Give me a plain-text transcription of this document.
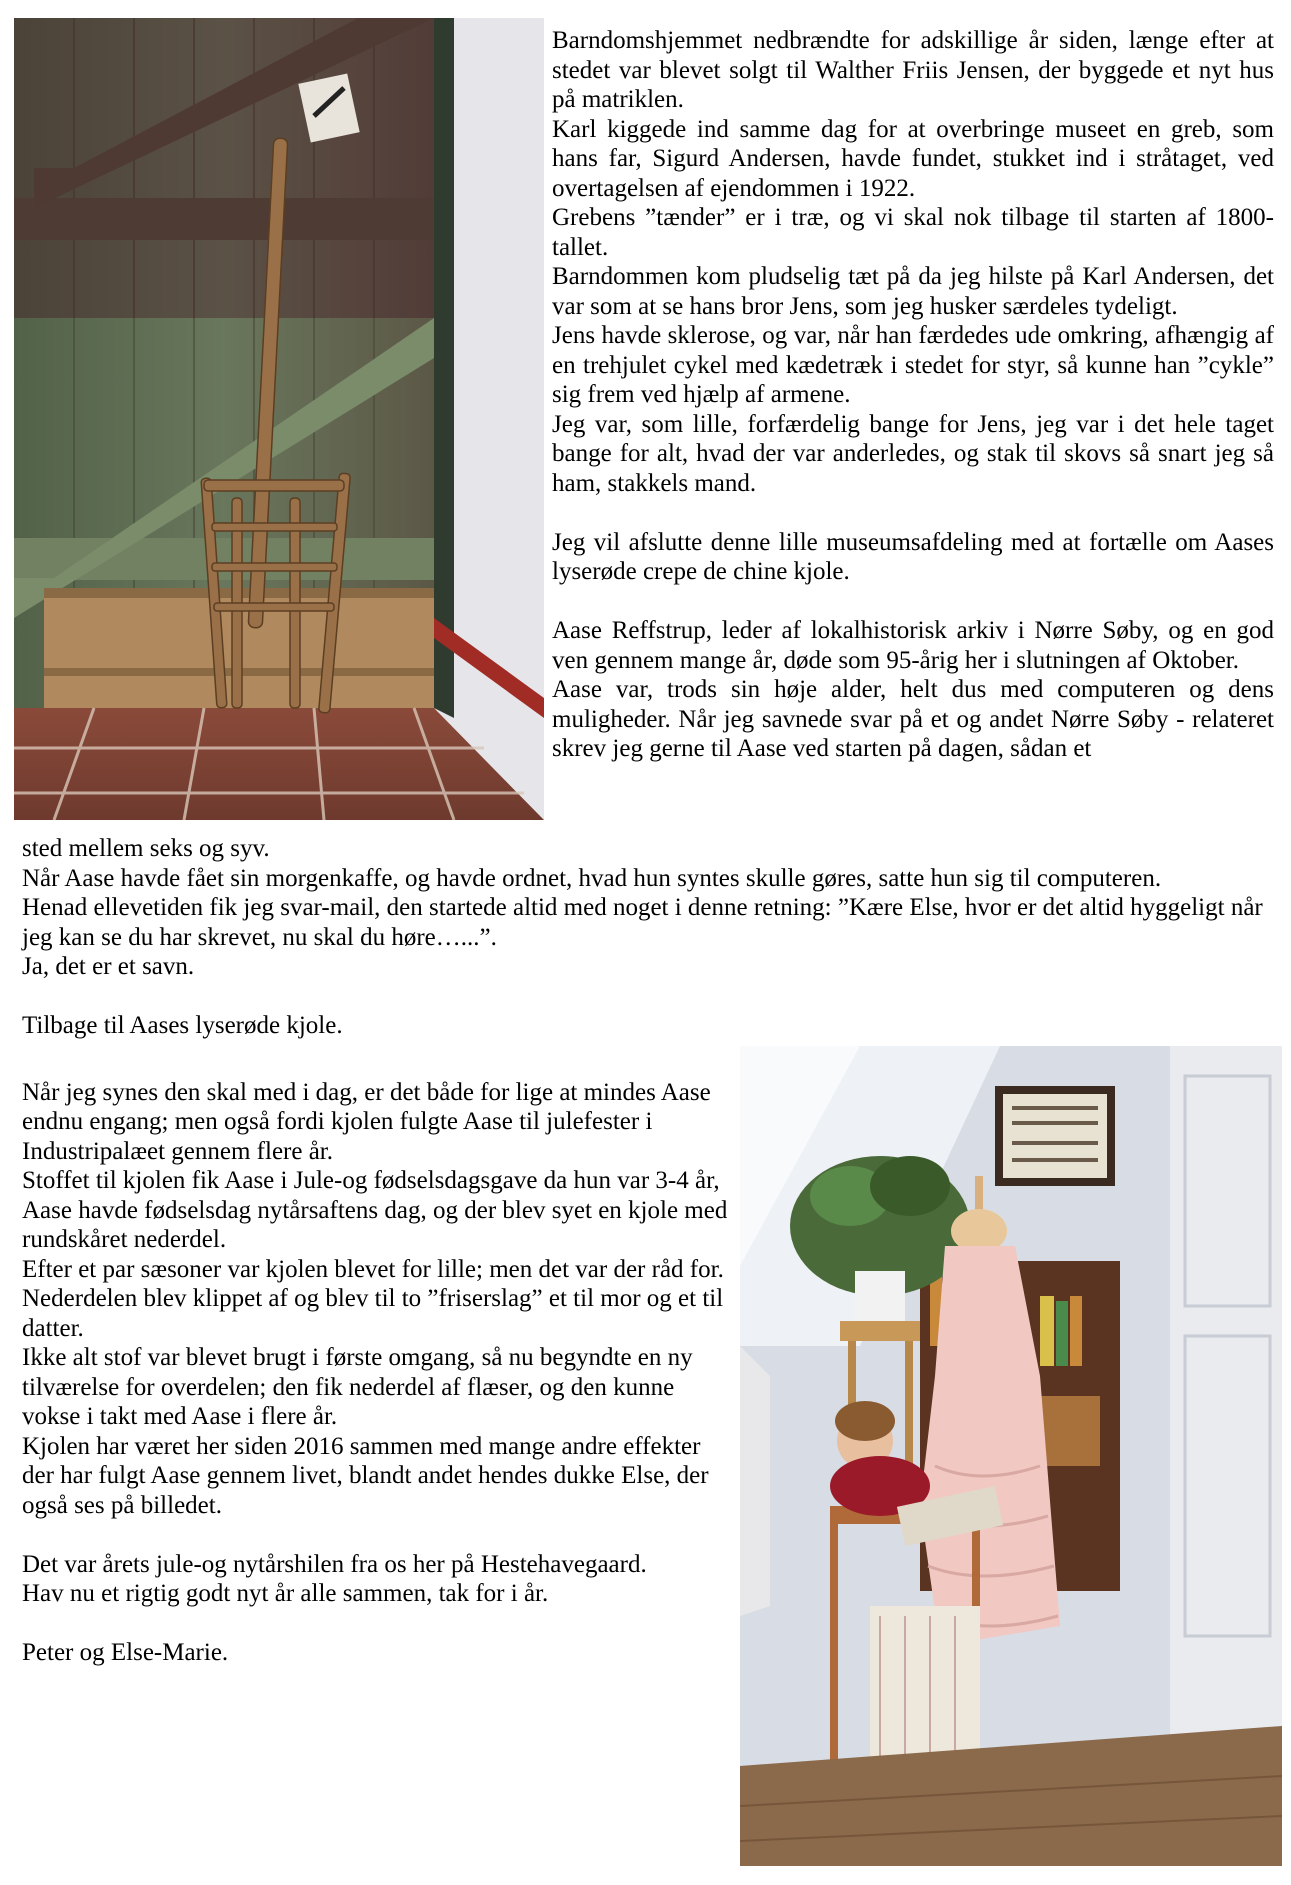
Barndomshjemmet nedbrændte for adskillige år siden, længe efter at stedet var blevet solgt til Walther Friis Jensen, der byggede et nyt hus på matriklen.

Karl kiggede ind samme dag for at overbringe museet en greb, som hans far, Sigurd Andersen, havde fundet, stukket ind i stråtaget, ved overtagelsen af ejendommen i 1922.

Grebens ”tænder” er i træ, og vi skal nok tilbage til starten af 1800-tallet.

Barndommen kom pludselig tæt på da jeg hilste på Karl Andersen, det var som at se hans bror Jens, som jeg husker særdeles tydeligt.

Jens havde sklerose, og var, når han færdedes ude omkring, afhængig af en trehjulet cykel med kædetræk i stedet for styr, så kunne han ”cykle” sig frem ved hjælp af armene.

Jeg var, som lille, forfærdelig bange for Jens, jeg var i det hele taget bange for alt, hvad der var anderledes, og stak til skovs så snart jeg så ham, stakkels mand.

Jeg vil afslutte denne lille museumsafdeling med at fortælle om Aases lyserøde crepe de chine kjole.

Aase Reffstrup, leder af lokalhistorisk arkiv i Nørre Søby, og en god ven gennem mange år, døde som 95-årig her i slutningen af Oktober.

Aase var, trods sin høje alder, helt dus med computeren og dens muligheder. Når jeg savnede svar på et og andet Nørre Søby - relateret skrev jeg gerne til Aase ved starten på dagen, sådan et

sted mellem seks og syv.

Når Aase havde fået sin morgenkaffe, og havde ordnet, hvad hun syntes skulle gøres, satte hun sig til computeren.

Henad ellevetiden fik jeg svar-mail, den startede altid med noget i denne retning: ”Kære Else, hvor er det altid hyggeligt når jeg kan se du har skrevet, nu skal du høre…...”.

Ja, det er et savn.

Tilbage til Aases lyserøde kjole.

Når jeg synes den skal med i dag, er det både for lige at mindes Aase endnu engang; men også fordi kjolen fulgte Aase til julefester i Industripalæet gennem flere år.

Stoffet til kjolen fik Aase i Jule-og fødselsdagsgave da hun var 3-4 år, Aase havde fødselsdag nytårsaftens dag, og der blev syet en kjole med rundskåret nederdel.

Efter et par sæsoner var kjolen blevet for lille; men det var der råd for. Nederdelen blev klippet af og blev til to ”friserslag” et til mor og et til datter.

Ikke alt stof var blevet brugt i første omgang, så nu begyndte en ny tilværelse for overdelen; den fik nederdel af flæser, og den kunne vokse i takt med Aase i flere år.

Kjolen har været her siden 2016 sammen med mange andre effekter der har fulgt Aase gennem livet, blandt andet hendes dukke Else, der også ses på billedet.

Det var årets jule-og nytårshilen fra os her på Hestehavegaard.

Hav nu et rigtig godt nyt år alle sammen, tak for i år.

Peter og Else-Marie.
